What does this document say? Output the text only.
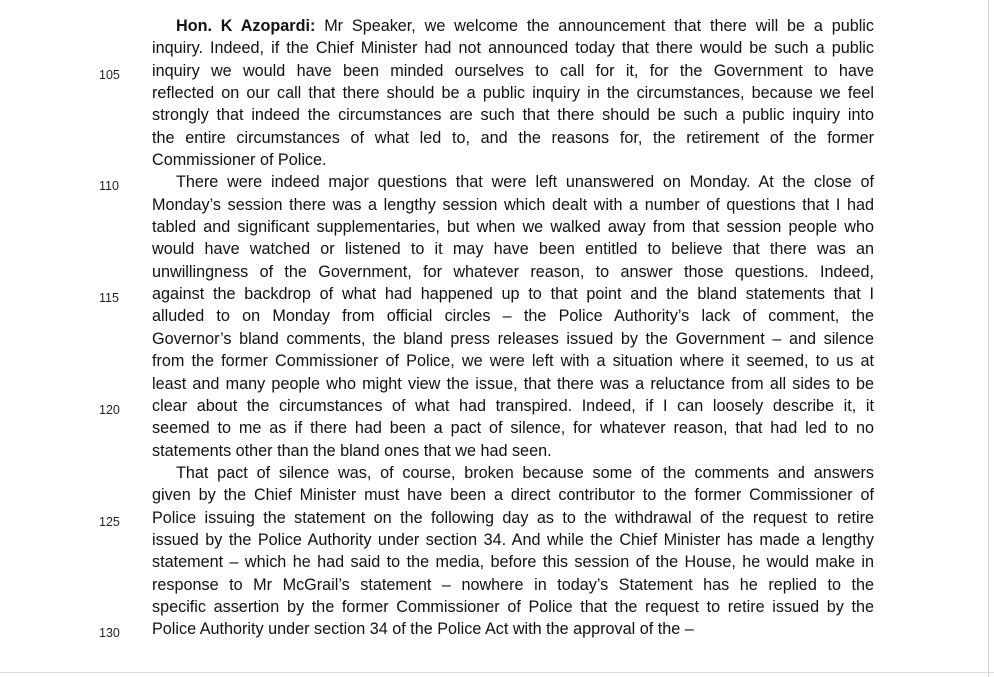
105
110
115
120
125
130
Hon. K Azopardi: Mr Speaker, we welcome the announcement that there will be a public
inquiry. Indeed, if the Chief Minister had not announced today that there would be such a public
inquiry we would have been minded ourselves to call for it, for the Government to have
reflected on our call that there should be a public inquiry in the circumstances, because we feel
strongly that indeed the circumstances are such that there should be such a public inquiry into
the entire circumstances of what led to, and the reasons for, the retirement of the former
Commissioner of Police.
There were indeed major questions that were left unanswered on Monday. At the close of
Monday’s session there was a lengthy session which dealt with a number of questions that I had
tabled and significant supplementaries, but when we walked away from that session people who
would have watched or listened to it may have been entitled to believe that there was an
unwillingness of the Government, for whatever reason, to answer those questions. Indeed,
against the backdrop of what had happened up to that point and the bland statements that I
alluded to on Monday from official circles – the Police Authority’s lack of comment, the
Governor’s bland comments, the bland press releases issued by the Government – and silence
from the former Commissioner of Police, we were left with a situation where it seemed, to us at
least and many people who might view the issue, that there was a reluctance from all sides to be
clear about the circumstances of what had transpired. Indeed, if I can loosely describe it, it
seemed to me as if there had been a pact of silence, for whatever reason, that had led to no
statements other than the bland ones that we had seen.
That pact of silence was, of course, broken because some of the comments and answers
given by the Chief Minister must have been a direct contributor to the former Commissioner of
Police issuing the statement on the following day as to the withdrawal of the request to retire
issued by the Police Authority under section 34. And while the Chief Minister has made a lengthy
statement – which he had said to the media, before this session of the House, he would make in
response to Mr McGrail’s statement – nowhere in today’s Statement has he replied to the
specific assertion by the former Commissioner of Police that the request to retire issued by the
Police Authority under section 34 of the Police Act with the approval of the –
